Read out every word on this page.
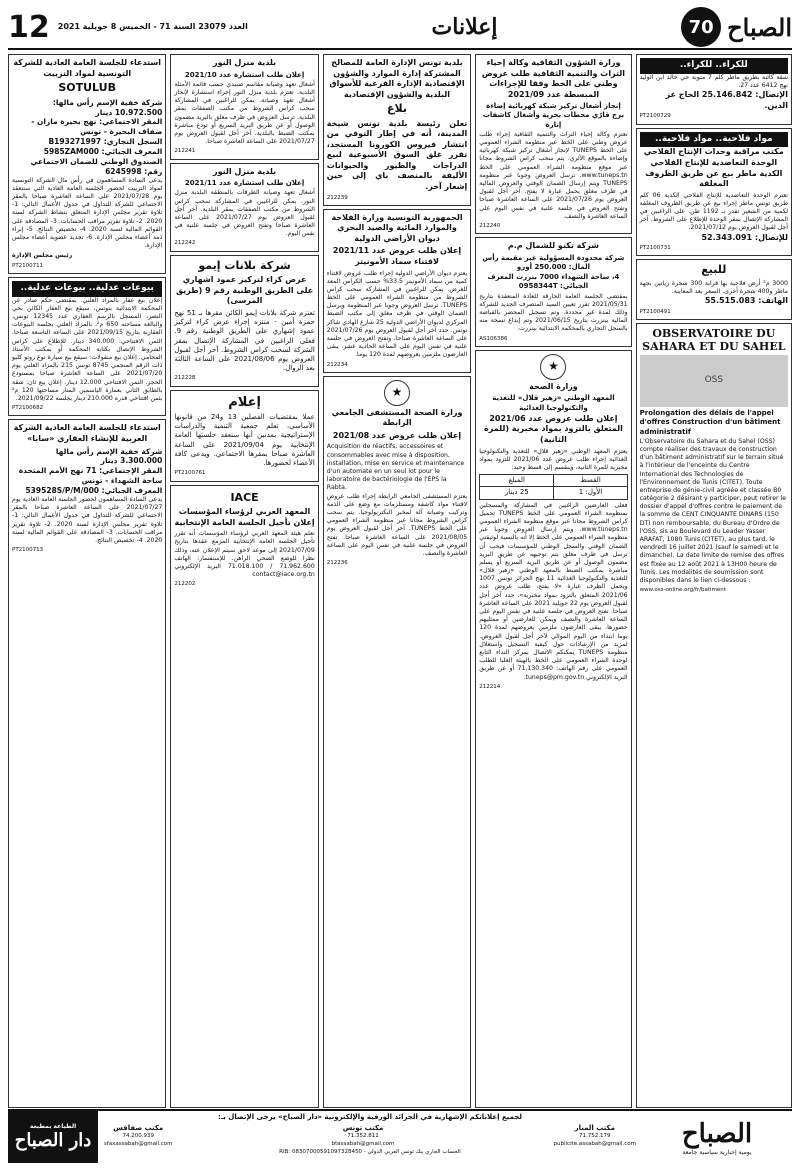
12 العدد 23079 السنة 71 - الخميس 8 جويلية 2021	إعلانات	70 الصباح
للكراء.. للكراء..
شقة كائنة بطريق ماطر كلم 7 منوبة حي خالد ابن الوليد نهج 6412 عدد 27.
الإتصال: 25.146.842 الحاج عز الدين.
PT2100729
مواد فلاحية.. مواد فلاحية..
مكتب مراقبة وحدات الإنتاج الفلاحي الوحدة التعاضدية للإنتاج الفلاحي الكدية ماطر بيع عن طريق الظروف المغلقة
تعتزم الوحدة التعاضدية للإنتاج الفلاحي الكدية 06 كلم طريق تونس ماطر إجراء بيع عن طريق الظروف المغلقة لكمية من الشعير تقدر بـ 1192 طن. على الراغبين في المشاركة الإتصال بمقر الوحدة للإطلاع على الشروط. آخر أجل لقبول العروض يوم 2021/07/12.
للإتصال: 52.343.091
PT2100731
للبيع
3000 م² أرض فلاحية بها قرابة 300 شجرة زياتين بجهة ماطر و400 شجرة أخرى. السعر بعد المعاينة.
الهاتف: 55.515.083
PT2100491
OBSERVATOIRE DU SAHARA ET DU SAHEL
OSS
Prolongation des délais de l'appel d'offres Construction d'un bâtiment administratif
L'Observatoire du Sahara et du Sahel (OSS) compte réaliser des travaux de construction d'un bâtiment administratif sur le terrain situé à l'intérieur de l'enceinte du Centre International des Technologies de l'Environnement de Tunis (CITET). Toute entreprise de génie-civil agréée et classée B0 catégorie 2 désirant y participer, peut retirer le dossier d'appel d'offres contre le paiement de la somme de CENT CINQUANTE DINARS (150 DT) non remboursable, du Bureau d'Ordre de l'OSS, sis au Boulevard du Leader Yasser ARAFAT, 1080 Tunis (CITET), au plus tard, le vendredi 16 juillet 2021 (sauf le samedi et le dimanche). La date limite de remise des offres est fixée au 12 août 2021 à 13H00 heure de Tunis. Les modalités de soumission sont disponibles dans le lien ci-dessous :
www.oss-online.org/fr/batiment
وزارة الشؤون الثقافية وكالة إحياء التراث والتنمية الثقافية طلب عروض وطني على الخط وفقا للإجراءات المبسطة عدد 2021/09
إنجاز أشغال تركيز شبكة كهربائية إضاءة برج قارّي محطات بحرية وأشغال كاشفات إنارة
تعتزم وكالة إحياء التراث والتنمية الثقافية إجراء طلب عروض وطني على الخط عبر منظومة الشراء العمومي على الخط TUNEPS لإنجاز أشغال تركيز شبكة كهربائية وإضاءة بالموقع الأثري. يتم سحب كراس الشروط مجانا عبر موقع منظومة الشراء العمومي على الخط www.tuneps.tn. ترسل العروض وجوبا عبر منظومة TUNEPS ويتم إرسال الضمان الوقتي والعروض المالية في ظرف مغلق يحمل عبارة لا يفتح. آخر أجل لقبول العروض يوم 2021/07/26 على الساعة العاشرة صباحا وتفتح العروض في جلسة علنية في نفس اليوم على الساعة العاشرة والنصف.
212240
شركة تكنو للشمال م.م
شركة محدودة المسؤولية غير مقيمة رأس المال: 250.000 أورو
4، ساحة الشهداء 7000 بنزرت المعرف الجبائي: 0958344T
بمقتضى الجلسة العامة الخارقة للعادة المنعقدة بتاريخ 2021/05/31 تقرر تعيين السيد المتصرف الجديد للشركة وذلك لمدة غير محددة. وتم تسجيل المحضر بالقباضة المالية ببنزرت بتاريخ 2021/06/15 وتم إيداع نسخة منه بالسجل التجاري بالمحكمة الابتدائية ببنزرت.
AS106386
★
وزارة الصحة
المعهد الوطني «زهير قلال» للتغذية والتكنولوجيا الغذائية
إعلان طلب عروض عدد 2021/06 المتعلق بالتزود بمواد مخبرية (للمرة الثانية)
يعتزم المعهد الوطني «زهير قلال» للتغذية والتكنولوجيا الغذائية إجراء طلب عروض عدد 2021/06 للتزود بمواد مخبرية للمرة الثانية، وينقسم إلى قسط وحيد:
القسط	المبلغ
الأول: 1	25 دينار
فعلى العارضين الراغبين في المشاركة والمسجلين بمنظومة الشراء العمومي على الخط TUNEPS تحميل كراس الشروط مجانا عبر موقع منظومة الشراء العمومي www.tuneps.tn. ويتم إرسال العروض وجوبا عبر منظومة الشراء العمومي على الخط إلا أنه بالنسبة لوثيقتي الضمان الوقتي والسجل الوطني للمؤسسات فيجب أن ترسل في ظرف مغلق يتم توجيهه عن طريق البريد مضمون الوصول أو عن طريق البريد السريع أو يسلم مباشرة بمكتب الضبط بالمعهد الوطني «زهير قلال» للتغذية والتكنولوجيا الغذائية 11 نهج الجزائر تونس 1007 ويحمل الظرف عبارة «لا يفتح، طلب عروض عدد 2021/06 المتعلق بالتزود بمواد مخبرية». حدد آخر أجل لقبول العروض يوم 22 جويلية 2021 على الساعة العاشرة صباحا. تفتح العروض في جلسة علنية في نفس اليوم على الساعة العاشرة والنصف ويمكن للعارضين أو ممثليهم حضورها. يبقى العارضون ملزمين بعروضهم لمدة 120 يوما ابتداء من اليوم الموالي لآخر أجل لقبول العروض. لمزيد من الإرشادات حول كيفية التسجيل واستغلال منظومة TUNEPS يمكنكم الاتصال بمركز النداء التابع لوحدة الشراء العمومي على الخط بالهيئة العليا للطلب العمومي على رقم الهاتف: 71.130.340 أو عن طريق البريد الإلكتروني tuneps@pm.gov.tn.
212214
بلدية تونس الإدارة العامة للمصالح المشتركة إدارة الموارد والشؤون الإقتصادية الإدارة الفرعية للأسواق البلدية والشؤون الإقتصادية
بلاغ
تعلن رئيسة بلدية تونس شيخة المدينة، أنه في إطار التوقي من انتشار فيروس الكورونا المستجد، تقرر غلق السوق الأسبوعية لبيع الدراجات والطيور والحيوانات الأليفة بالمنصف باي إلى حين إشعار آخر.
212239
الجمهورية التونسية وزارة الفلاحة والموارد المائية والصيد البحري ديوان الأراضي الدولية
إعلان طلب عروض عدد 2021/11 لاقتناء سماد الأمونيتر
يعتزم ديوان الأراضي الدولية إجراء طلب عروض لاقتناء كمية من سماد الأمونيتر 33.5% حسب الكراس المعد للغرض. يمكن للراغبين في المشاركة سحب كراس الشروط من منظومة الشراء العمومي على الخط TUNEPS. ترسل العروض وجوبا عبر المنظومة ويرسل الضمان الوقتي في ظرف مغلق إلى مكتب الضبط المركزي لديوان الأراضي الدولية 25 شارع الهادي شاكر تونس. حدد آخر أجل لقبول العروض يوم 2021/07/26 على الساعة العاشرة صباحا، وتفتح العروض في جلسة علنية في نفس اليوم على الساعة الحادية عشر. يبقى العارضون ملزمين بعروضهم لمدة 120 يوما.
212234
★
وزارة الصحة المستشفى الجامعي الرابطة
إعلان طلب عروض عدد 2021/08
Acquisition de réactifs, accessoires et consommables avec mise à disposition, installation, mise en service et maintenance d'un automate en un seul lot pour le laboratoire de bactériologie de l'EPS la Rabta.
يعتزم المستشفى الجامعي الرابطة إجراء طلب عروض لاقتناء مواد كاشفة ومستلزمات مع وضع على الذمة وتركيب وصيانة آلة لمخبر البكتريولوجيا. يتم سحب كراس الشروط مجانا عبر منظومة الشراء العمومي على الخط TUNEPS. آخر أجل لقبول العروض يوم 2021/08/05 على الساعة العاشرة صباحا. تفتح العروض في جلسة علنية في نفس اليوم على الساعة العاشرة والنصف.
212236
بلدية منزل النور
إعلان طلب استشارة عدد 2021/10
أشغال تعهد وصيانة مقاسم صبيدي حسب قائمة الأمثلة البلدية. تعتزم بلدية منزل النور إجراء استشارة لإنجاز أشغال تعهد وصيانة. يمكن للراغبين في المشاركة سحب كراس الشروط من مكتب الصفقات بمقر البلدية. ترسل العروض في ظرف مغلق بالبريد مضمون الوصول أو عن طريق البريد السريع أو تودع مباشرة بمكتب الضبط بالبلدية. آخر أجل لقبول العروض يوم 2021/07/27 على الساعة العاشرة صباحا.
212241
بلدية منزل النور
إعلان طلب استشارة عدد 2021/11
أشغال تعهد وصيانة الطرقات بالمنطقة البلدية منزل النور. يمكن للراغبين في المشاركة سحب كراس الشروط من مكتب الصفقات بمقر البلدية. آخر أجل لقبول العروض يوم 2021/07/27 على الساعة العاشرة صباحا وتفتح العروض في جلسة علنية في نفس اليوم.
212242
شركة بلانات إيمو
عرض كراء لتركيز عمود اشهاري على الطريق الوطنية رقم 9 (طريق المرسى)
تعتزم شركة بلانات إيمو الكائن مقرها بـ 51 نهج حمزة أمين - منتزه إجراء عرض كراء لتركيز عمود إشهاري على الطريق الوطنية رقم 9. فعلى الراغبين في المشاركة الإتصال بمقر الشركة لسحب كراس الشروط. آخر أجل لقبول العروض يوم 2021/08/06 على الساعة الثالثة بعد الزوال.
212228
إعلام
عملا بمقتضيات الفصلين 13 و24 من قانونها الأساسي، تعلم جمعية التنمية والدراسات الإستراتيجية بمدنين أنها ستعقد جلستها العامة الإنتخابية يوم 2021/09/04 على الساعة العاشرة صباحا بمقرها الاجتماعي. ويدعى كافة الأعضاء لحضورها.
PT2100761
IACE
المعهد العربي لرؤساء المؤسسات إعلان تأجيل الجلسة العامة الإنتخابية
تعلم هيئة المعهد العربي لرؤساء المؤسسات أنه تقرر تأجيل الجلسة العامة الإنتخابية المزمع عقدها بتاريخ 2021/07/09 إلى موعد لاحق سيتم الإعلان عنه، وذلك نظرا للوضع الصحي الراهن. للإستفسار: الهاتف 71.962.600 / 71.018.100 البريد الإلكتروني contact@iace.org.tn
212202
استدعاء للجلسة العامة العادية للشركة التونسية لمواد التزييت
SOTULUB
شركة خفية الإسم رأس مالها: 10.972.500 دينار
المقر الاجتماعي: نهج بحيرة ماران - ضفاف البحيرة - تونس
السجل التجاري: B193271997
المعرف الجبائي: 5985ZAM000
الصندوق الوطني للضمان الاجتماعي رقم: 6245998
يدعى السادة المساهمون في رأس مال الشركة التونسية لمواد التزييت لحضور الجلسة العامة العادية التي ستنعقد يوم 2021/07/28 على الساعة العاشرة صباحا بالمقر الاجتماعي للشركة للتداول في جدول الأعمال التالي: 1- تلاوة تقرير مجلس الإدارة المتعلق بنشاط الشركة لسنة 2020. 2- تلاوة تقرير مراقب الحسابات. 3- المصادقة على القوائم المالية لسنة 2020. 4- تخصيص النتائج. 5- إبراء ذمة أعضاء مجلس الإدارة. 6- تجديد عضوية أعضاء مجلس الإدارة.
رئيس مجلس الإدارة
PT2100711
بيوعات عدلية.. بيوعات عدلية..
إعلان بيع عقار بالمزاد العلني. بمقتضى حكم صادر عن المحكمة الابتدائية بتونس، سيقع بيع العقار الكائن بحي النصر، المسجل بالرسم العقاري عدد 12345 تونس، والبالغة مساحته 650 م²، بالمزاد العلني بجلسة البيوعات العقارية بتاريخ 2021/09/15 على الساعة التاسعة صباحا. الثمن الافتتاحي: 340.000 دينار. للإطلاع على كراس الشروط الإتصال بكتابة المحكمة أو بمكتب الأستاذ المحامي. إعلان بيع منقولات: سيقع بيع سيارة نوع رونو كليو ذات الرقم المنجمي 8745 تونس 215 بالمزاد العلني يوم 2021/07/20 على الساعة العاشرة صباحا بمستودع الحجز. الثمن الافتتاحي 12.000 دينار. إعلان بيع ثان: شقة بالطابق الثاني بعمارة الياسمين المنار مساحتها 120 م² بثمن افتتاحي قدره 210.000 دينار بجلسة 2021/09/22.
PT2100682
استدعاء للجلسة العامة العادية الشركة العربية للإنشاء العقاري «سابا»
شركة خفية الإسم رأس مالها 3.300.000 دينار
المقر الإجتماعي: 71 نهج الأمم المتحدة ساحة الشهداء - تونس
المعرف الجبائي: 539528S/P/M/000
يدعى السادة المساهمون لحضور الجلسة العامة العادية يوم 2021/07/27 على الساعة العاشرة صباحا بالمقر الاجتماعي للشركة للتداول في جدول الأعمال التالي: 1- تلاوة تقرير مجلس الإدارة لسنة 2020. 2- تلاوة تقرير مراقب الحسابات. 3- المصادقة على القوائم المالية لسنة 2020. 4- تخصيص النتائج.
PT2100713
الصباح
يومية إخبارية سياسية جامعة
لجميع إعلاناتكم الإشهارية في الجرائد الورقية والإلكترونية «دار الصباح» يرجى الإتصال بـ:
مكتب المنار
71.752.179
publicite.assabah@gmail.com
مكتب تونس
71.352.811
btassabah@gmail.com
مكتب صفاقس
74.200.939
sfaxassabah@gmail.com
RIB: 08307000591097328450 - الحساب الجاري بنك تونس العربي الدولي
الطباعة بمطبعة
دار الصباح
